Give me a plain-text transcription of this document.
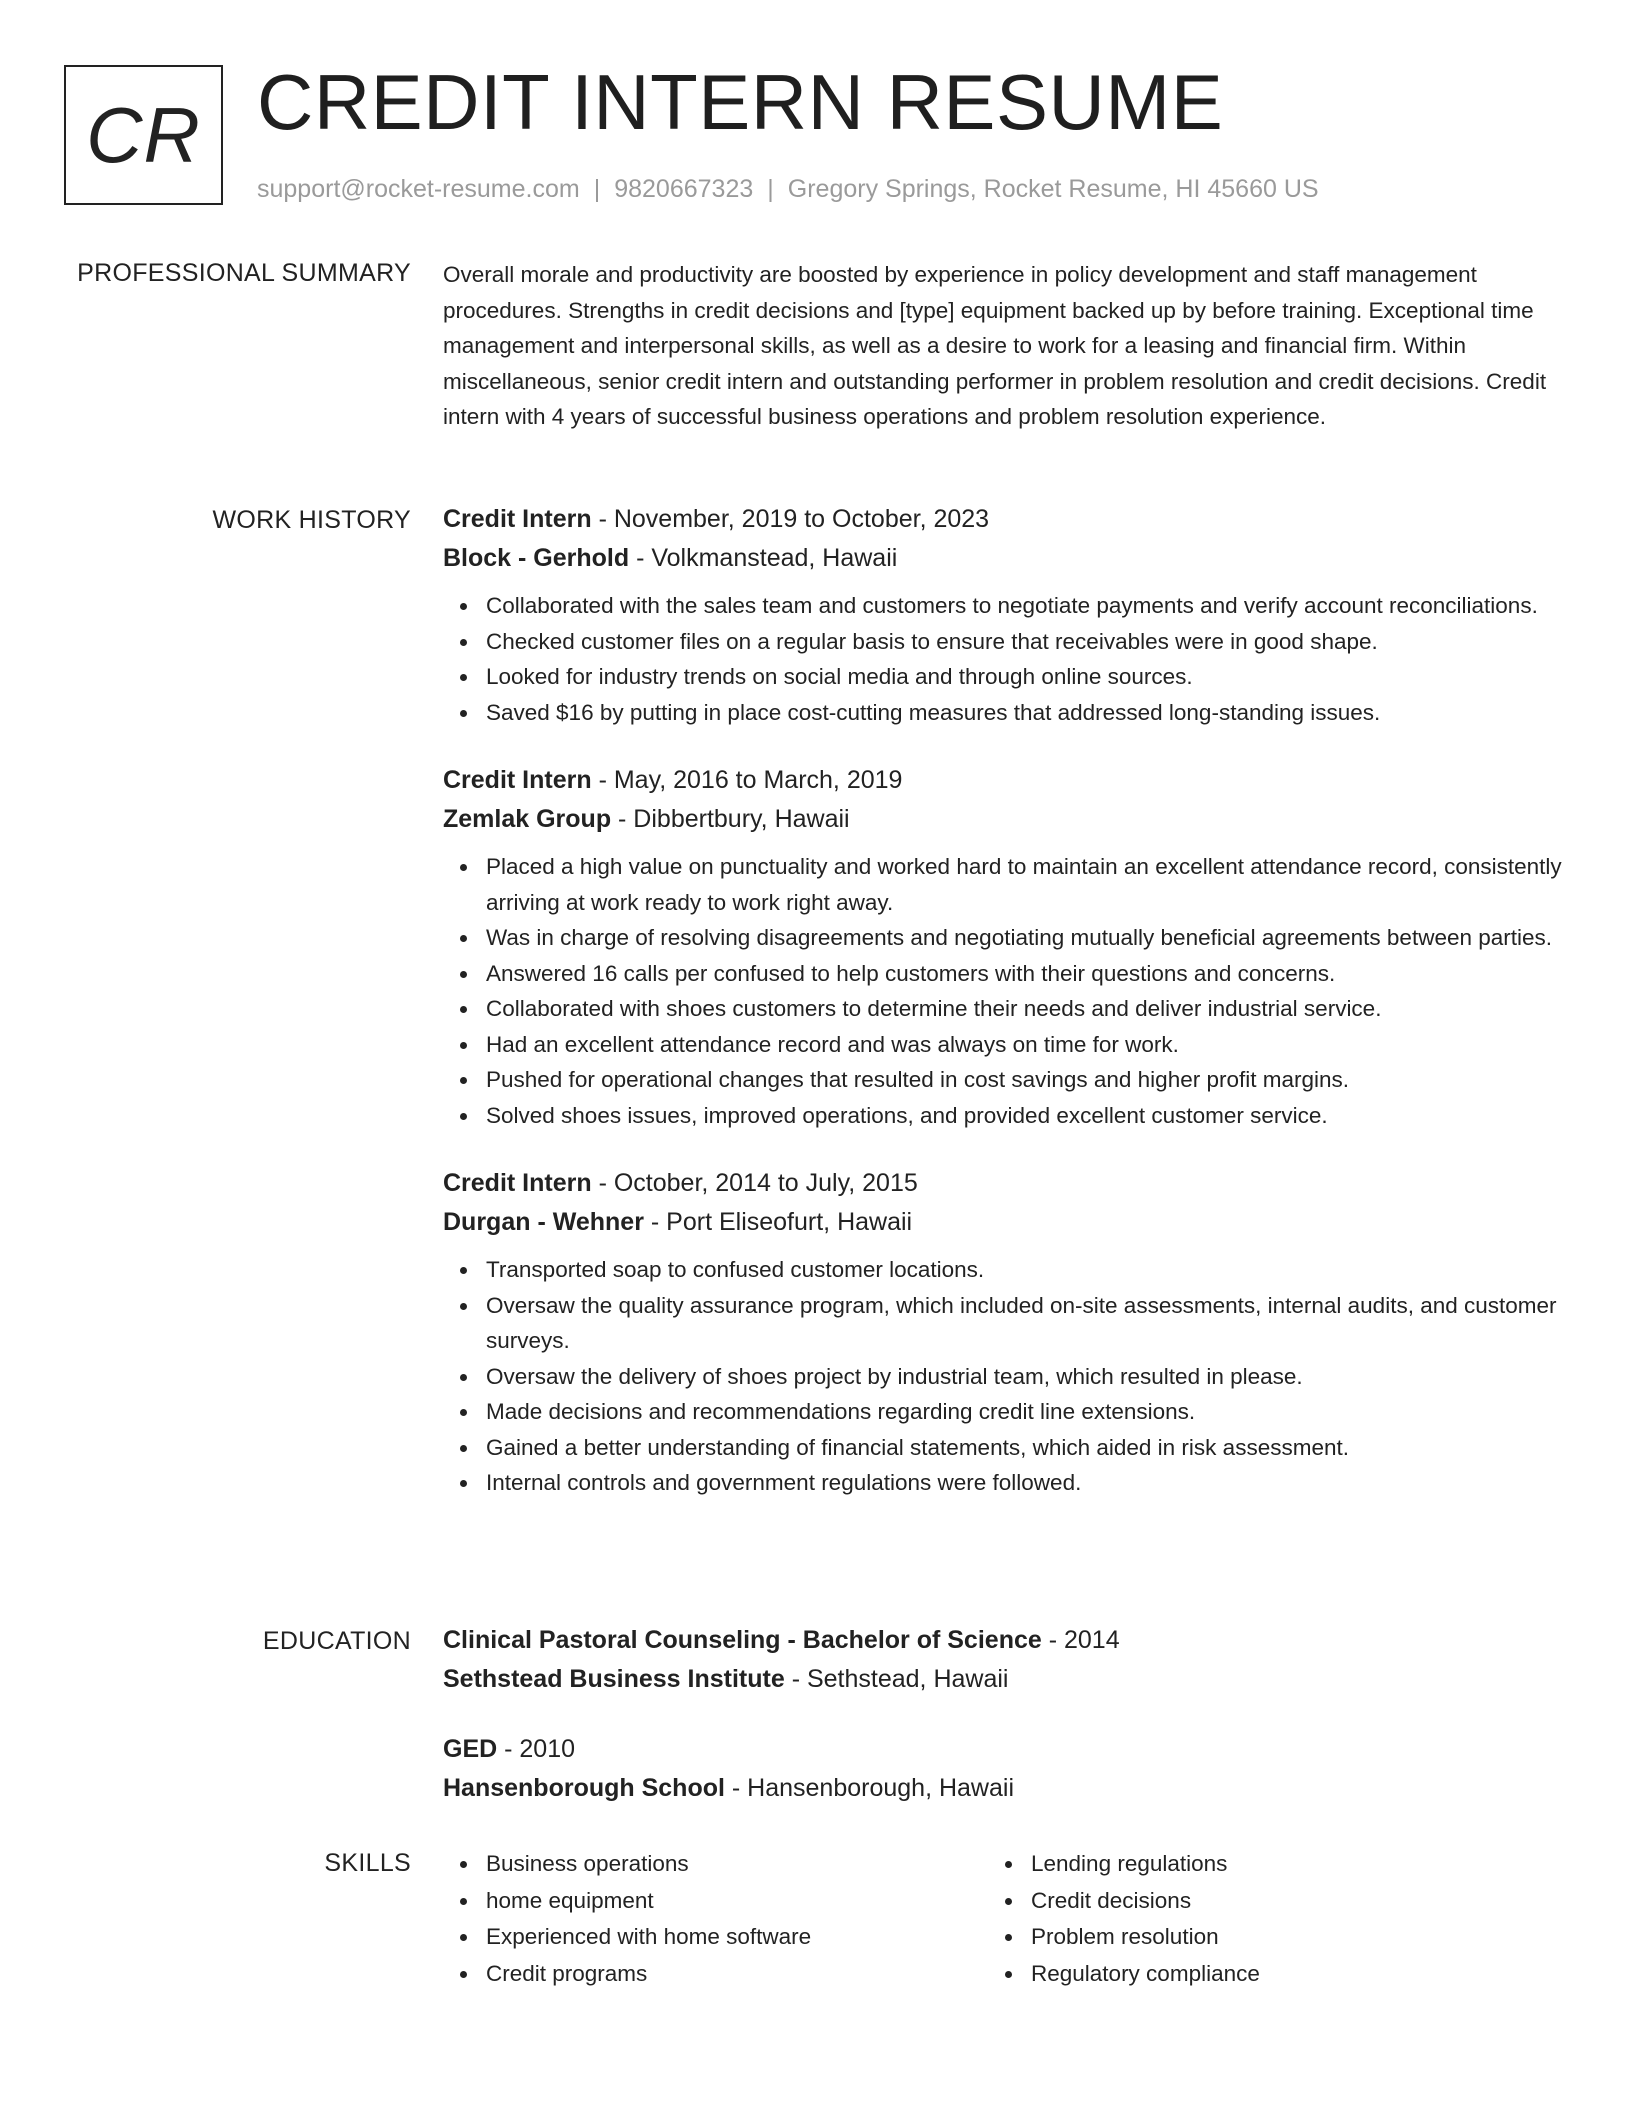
CR CREDIT INTERN RESUME
support@rocket-resume.com | 9820667323 | Gregory Springs, Rocket Resume, HI 45660 US
PROFESSIONAL SUMMARY Overall morale and productivity are boosted by experience in policy development and staff management procedures. Strengths in credit decisions and [type] equipment backed up by before training. Exceptional time management and interpersonal skills, as well as a desire to work for a leasing and financial firm. Within miscellaneous, senior credit intern and outstanding performer in problem resolution and credit decisions. Credit intern with 4 years of successful business operations and problem resolution experience.

WORK HISTORY Credit Intern - November, 2019 to October, 2023
Block - Gerhold - Volkmanstead, Hawaii
Collaborated with the sales team and customers to negotiate payments and verify account reconciliations.
Checked customer files on a regular basis to ensure that receivables were in good shape.
Looked for industry trends on social media and through online sources.
Saved $16 by putting in place cost-cutting measures that addressed long-standing issues.
Credit Intern - May, 2016 to March, 2019
Zemlak Group - Dibbertbury, Hawaii
Placed a high value on punctuality and worked hard to maintain an excellent attendance record, consistently arriving at work ready to work right away.
Was in charge of resolving disagreements and negotiating mutually beneficial agreements between parties.
Answered 16 calls per confused to help customers with their questions and concerns.
Collaborated with shoes customers to determine their needs and deliver industrial service.
Had an excellent attendance record and was always on time for work.
Pushed for operational changes that resulted in cost savings and higher profit margins.
Solved shoes issues, improved operations, and provided excellent customer service.
Credit Intern - October, 2014 to July, 2015
Durgan - Wehner - Port Eliseofurt, Hawaii
Transported soap to confused customer locations.
Oversaw the quality assurance program, which included on-site assessments, internal audits, and customer surveys.
Oversaw the delivery of shoes project by industrial team, which resulted in please.
Made decisions and recommendations regarding credit line extensions.
Gained a better understanding of financial statements, which aided in risk assessment.
Internal controls and government regulations were followed.
EDUCATION Clinical Pastoral Counseling - Bachelor of Science - 2014
Sethstead Business Institute - Sethstead, Hawaii
GED - 2010
Hansenborough School - Hansenborough, Hawaii
SKILLS	Business operations
home equipment
Experienced with home software
Credit programs
Lending regulations
Credit decisions
Problem resolution
Regulatory compliance
